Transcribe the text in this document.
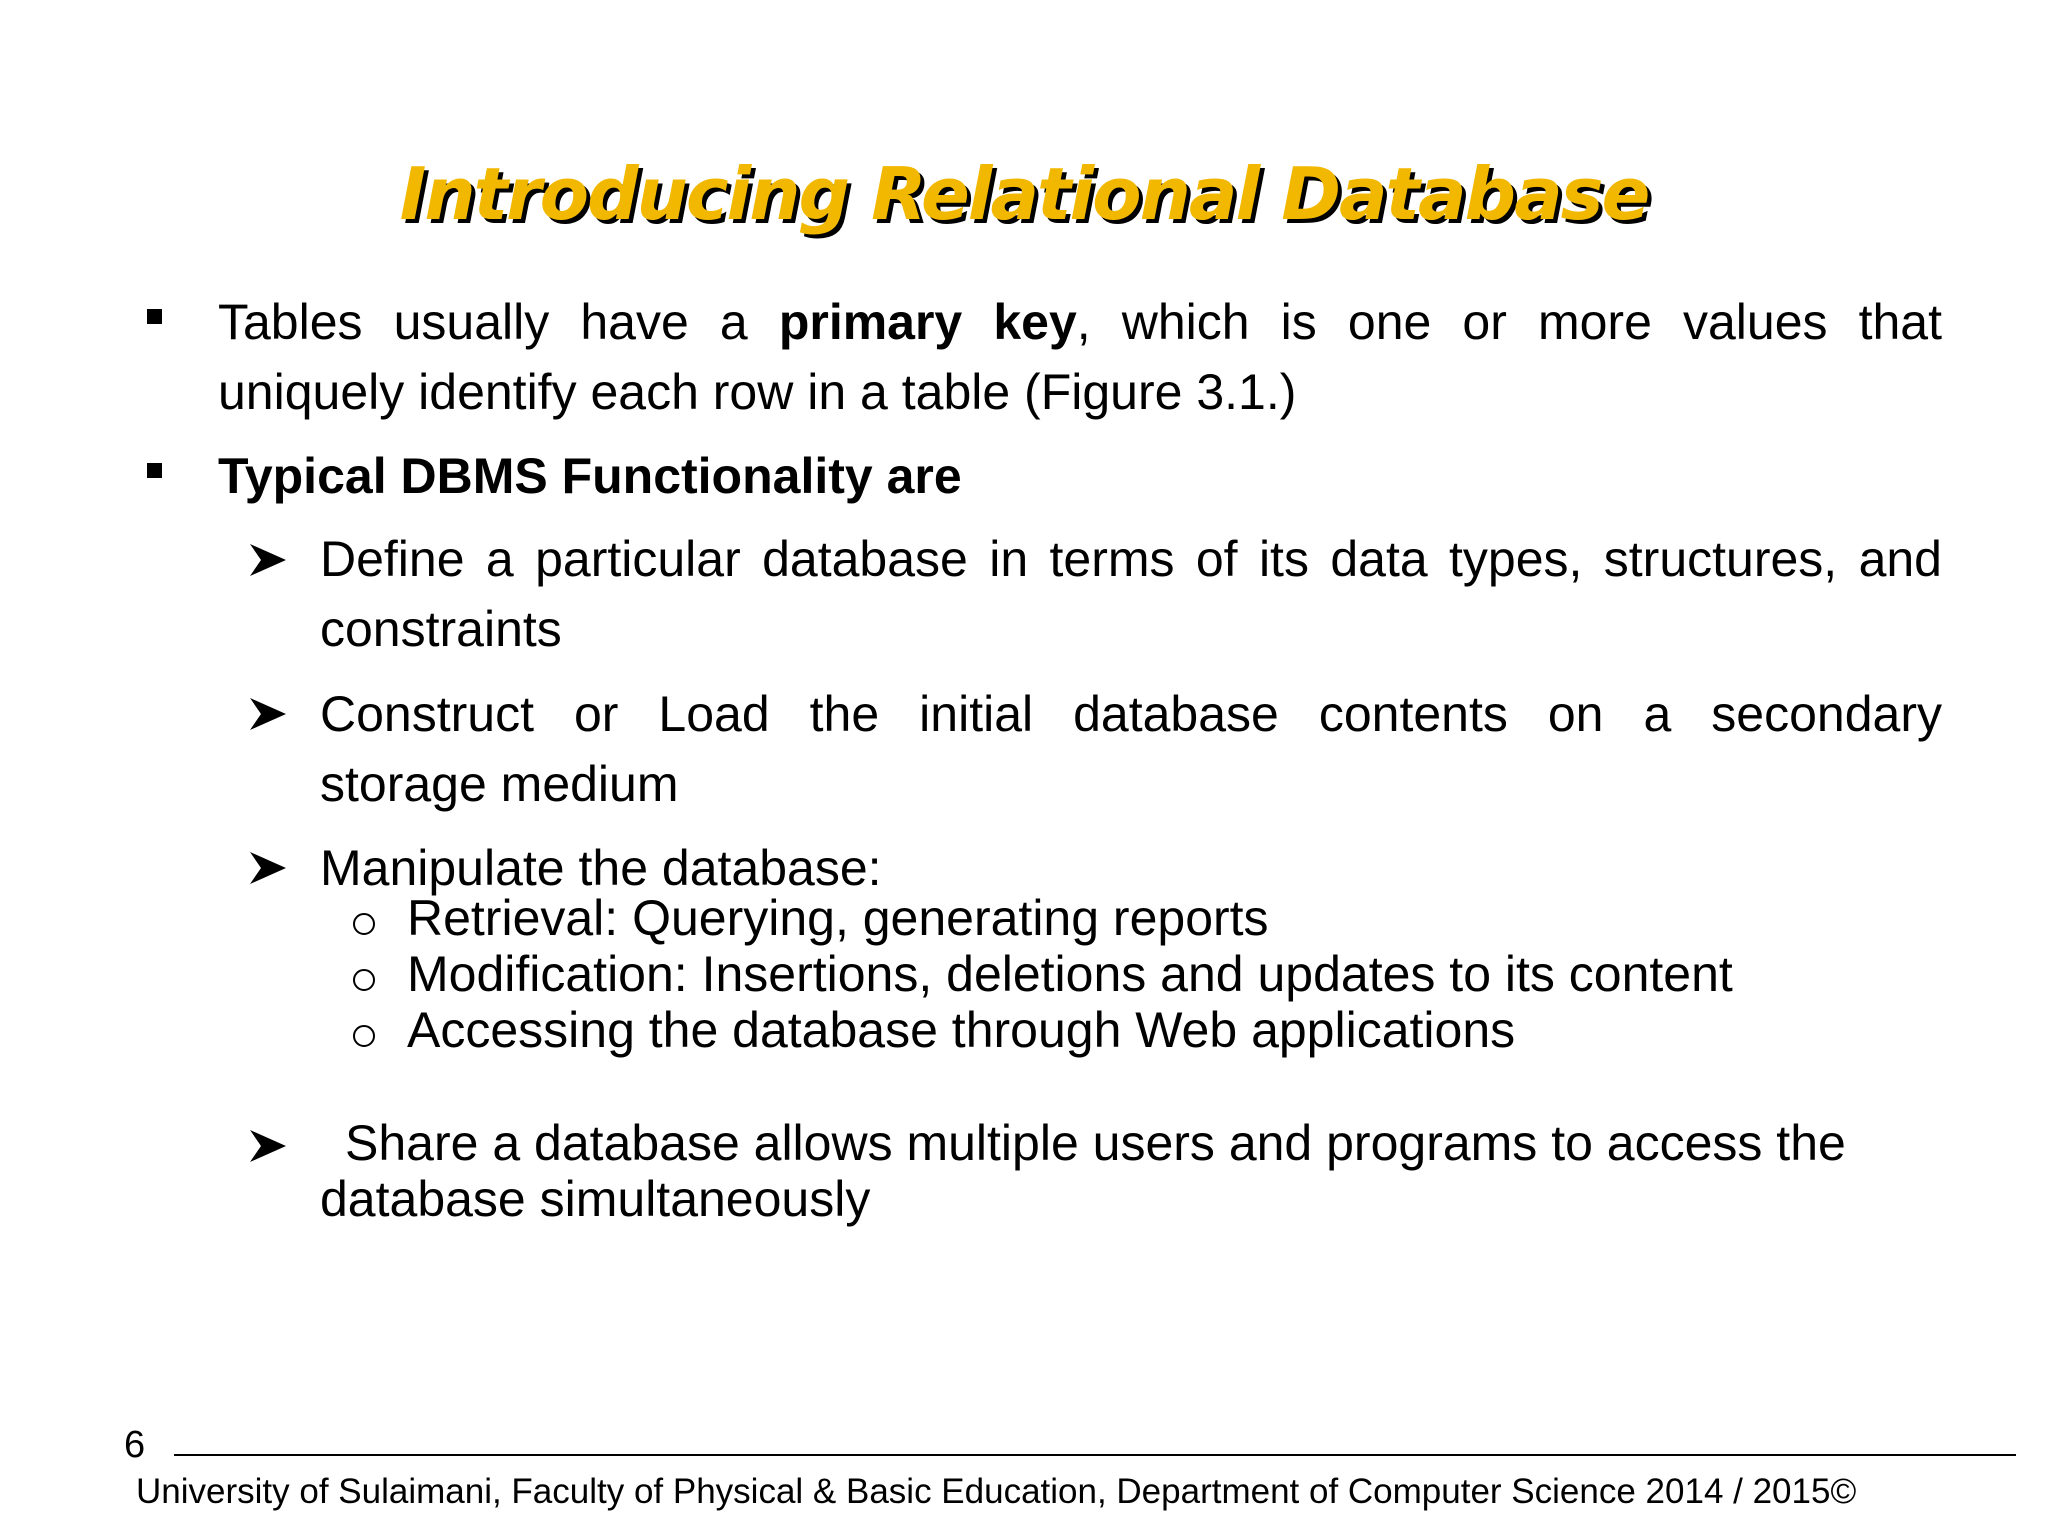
Introducing Relational Database
Tables usually have a primary key, which is one or more values that
uniquely identify each row in a table (Figure 3.1.)
Typical DBMS Functionality are
Define a particular database in terms of its data types, structures, and
constraints
Construct or Load the initial database contents on a secondary
storage medium
Manipulate the database:
Retrieval: Querying, generating reports
Modification: Insertions, deletions and updates to its content
Accessing the database through Web applications
Share a database allows multiple users and programs to access the
database simultaneously
6
University of Sulaimani, Faculty of Physical & Basic Education, Department of Computer Science 2014 / 2015©
